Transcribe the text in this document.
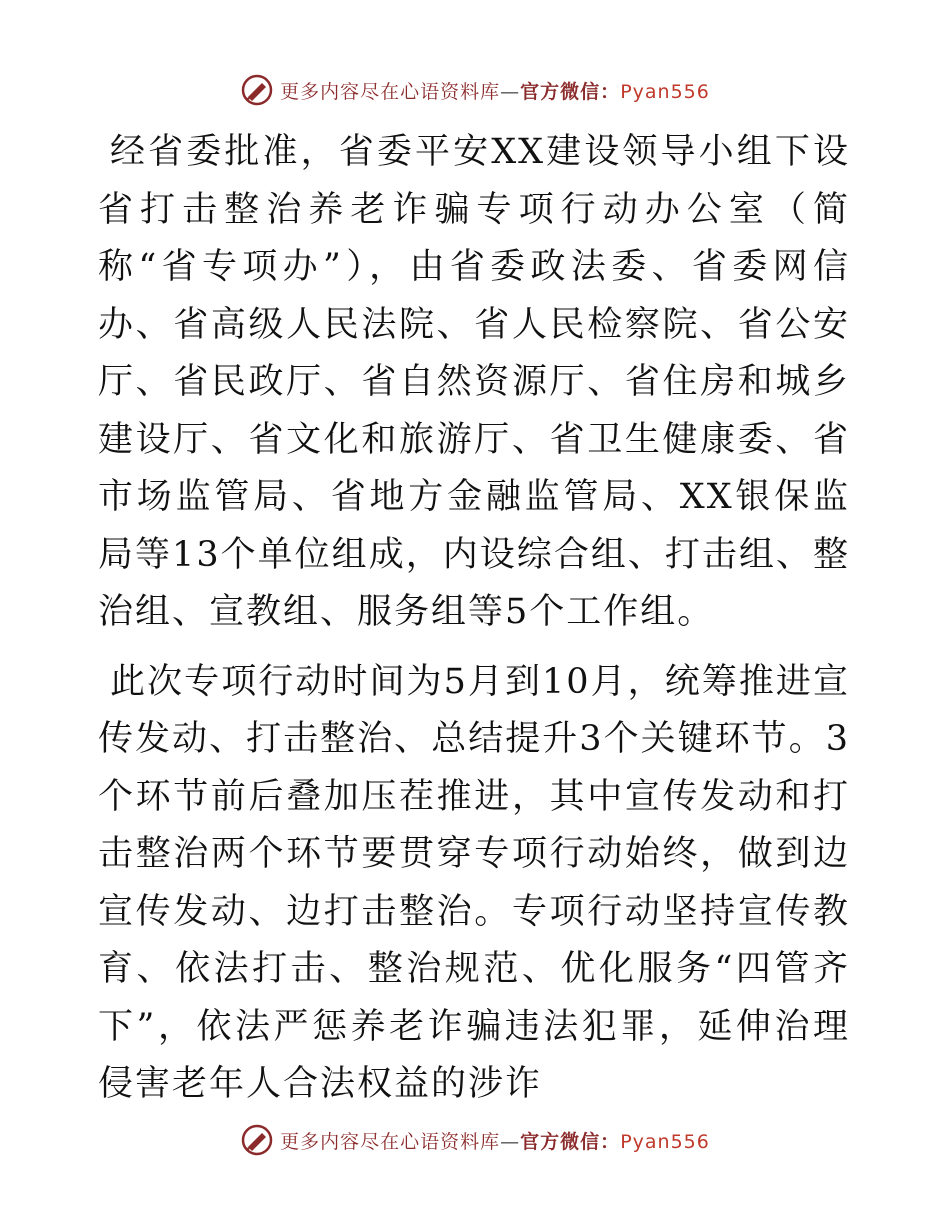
更多内容尽在心语资料库—官方微信：Pyan556

经省委批准，省委平安XX建设领导小组下设省打击整治养老诈骗专项行动办公室（简称“省专项办”），由省委政法委、省委网信办、省高级人民法院、省人民检察院、省公安厅、省民政厅、省自然资源厅、省住房和城乡建设厅、省文化和旅游厅、省卫生健康委、省市场监管局、省地方金融监管局、XX银保监局等13个单位组成，内设综合组、打击组、整治组、宣教组、服务组等5个工作组。

此次专项行动时间为5月到10月，统筹推进宣传发动、打击整治、总结提升3个关键环节。3个环节前后叠加压茬推进，其中宣传发动和打击整治两个环节要贯穿专项行动始终，做到边宣传发动、边打击整治。专项行动坚持宣传教育、依法打击、整治规范、优化服务“四管齐下”，依法严惩养老诈骗违法犯罪，延伸治理侵害老年人合法权益的涉诈

更多内容尽在心语资料库—官方微信：Pyan556
